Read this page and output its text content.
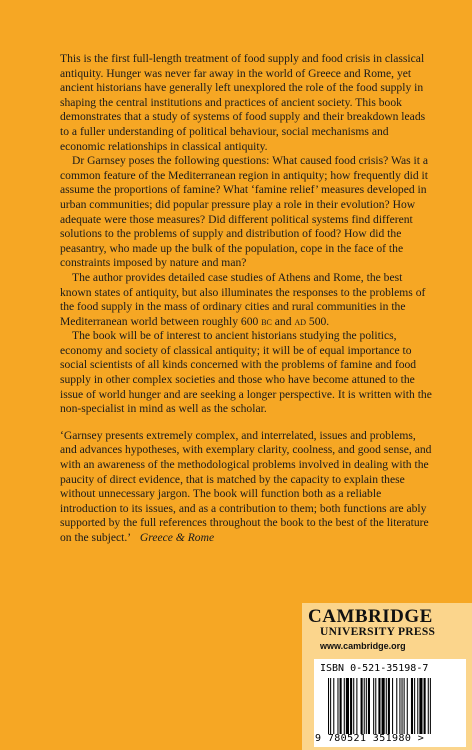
This is the first full-length treatment of food supply and food crisis in classical antiquity. Hunger was never far away in the world of Greece and Rome, yet ancient historians have generally left unexplored the role of the food supply in shaping the central institutions and practices of ancient society. This book demonstrates that a study of systems of food supply and their breakdown leads to a fuller understanding of political behaviour, social mechanisms and economic relationships in classical antiquity.

Dr Garnsey poses the following questions: What caused food crisis? Was it a common feature of the Mediterranean region in antiquity; how frequently did it assume the proportions of famine? What ‘famine relief’ measures developed in urban communities; did popular pressure play a role in their evolution? How adequate were those measures? Did different political systems find different solutions to the problems of supply and distribution of food? How did the peasantry, who made up the bulk of the population, cope in the face of the constraints imposed by nature and man?

The author provides detailed case studies of Athens and Rome, the best known states of antiquity, but also illuminates the responses to the problems of the food supply in the mass of ordinary cities and rural communities in the Mediterranean world between roughly 600 bc and ad 500.

The book will be of interest to ancient historians studying the politics, economy and society of classical antiquity; it will be of equal importance to social scientists of all kinds concerned with the problems of famine and food supply in other complex societies and those who have become attuned to the issue of world hunger and are seeking a longer perspective. It is written with the non-specialist in mind as well as the scholar.

‘Garnsey presents extremely complex, and interrelated, issues and problems, and advances hypotheses, with exemplary clarity, coolness, and good sense, and with an awareness of the methodological problems involved in dealing with the paucity of direct evidence, that is matched by the capacity to explain these without unnecessary jargon. The book will function both as a reliable introduction to its issues, and as a contribution to them; both functions are ably supported by the full references throughout the book to the best of the literature on the subject.’ Greece & Rome

CAMBRIDGE
UNIVERSITY PRESS
www.cambridge.org
ISBN 0-521-35198-7
9 780521 351980 >
